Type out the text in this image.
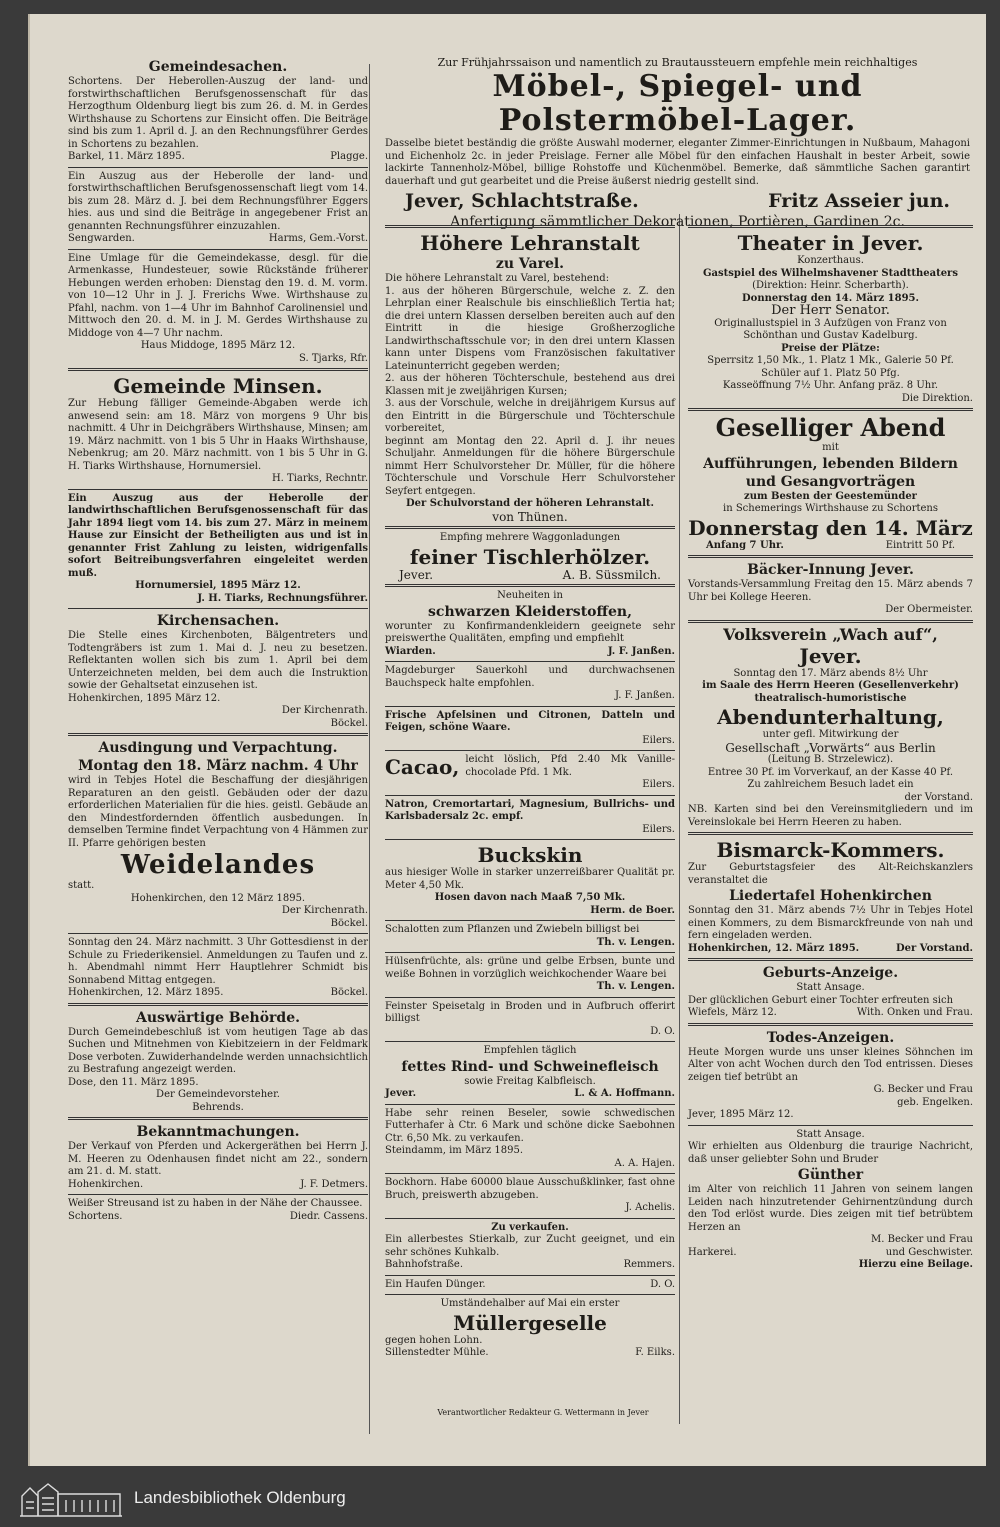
Gemeindesachen.

Schortens. Der Heberollen-Auszug der land- und forstwirthschaftlichen Berufsgenossenschaft für das Herzogthum Oldenburg liegt bis zum 26. d. M. in Gerdes Wirthshause zu Schortens zur Einsicht offen. Die Beiträge sind bis zum 1. April d. J. an den Rechnungsführer Gerdes in Schortens zu bezahlen.

Barkel, 11. März 1895.	Plagge.

Ein Auszug aus der Heberolle der land- und forstwirthschaftlichen Berufsgenossenschaft liegt vom 14. bis zum 28. März d. J. bei dem Rechnungsführer Eggers hies. aus und sind die Beiträge in angegebener Frist an genannten Rechnungsführer einzuzahlen.

Sengwarden.	Harms, Gem.-Vorst.

Eine Umlage für die Gemeindekasse, desgl. für die Armenkasse, Hundesteuer, sowie Rückstände früherer Hebungen werden erhoben: Dienstag den 19. d. M. vorm. von 10—12 Uhr in J. J. Frerichs Wwe. Wirthshause zu Pfahl, nachm. von 1—4 Uhr im Bahnhof Carolinensiel und Mittwoch den 20. d. M. in J. M. Gerdes Wirthshause zu Middoge von 4—7 Uhr nachm.

Haus Middoge, 1895 März 12.

S. Tjarks, Rfr.

Gemeinde Minsen.

Zur Hebung fälliger Gemeinde-Abgaben werde ich anwesend sein: am 18. März von morgens 9 Uhr bis nachmitt. 4 Uhr in Deichgräbers Wirthshause, Minsen; am 19. März nachmitt. von 1 bis 5 Uhr in Haaks Wirthshause, Nebenkrug; am 20. März nachmitt. von 1 bis 5 Uhr in G. H. Tiarks Wirthshause, Hornumersiel.

H. Tiarks, Rechntr.

Ein Auszug aus der Heberolle der landwirthschaftlichen Berufsgenossenschaft für das Jahr 1894 liegt vom 14. bis zum 27. März in meinem Hause zur Einsicht der Betheiligten aus und ist in genannter Frist Zahlung zu leisten, widrigenfalls sofort Beitreibungsverfahren eingeleitet werden muß.

Hornumersiel, 1895 März 12.

J. H. Tiarks, Rechnungsführer.

Kirchensachen.

Die Stelle eines Kirchenboten, Bälgentreters und Todtengräbers ist zum 1. Mai d. J. neu zu besetzen. Reflektanten wollen sich bis zum 1. April bei dem Unterzeichneten melden, bei dem auch die Instruktion sowie der Gehaltsetat einzusehen ist.

Hohenkirchen, 1895 März 12.

Der Kirchenrath.

Böckel.

Ausdingung und Verpachtung.

Montag den 18. März nachm. 4 Uhr

wird in Tebjes Hotel die Beschaffung der diesjährigen Reparaturen an den geistl. Gebäuden oder der dazu erforderlichen Materialien für die hies. geistl. Gebäude an den Mindestfordernden öffentlich ausbedungen. In demselben Termine findet Verpachtung von 4 Hämmen zur II. Pfarre gehörigen besten

Weidelandes

statt.

Hohenkirchen, den 12 März 1895.

Der Kirchenrath.

Böckel.

Sonntag den 24. März nachmitt. 3 Uhr Gottesdienst in der Schule zu Friederikensiel. Anmeldungen zu Taufen und z. h. Abendmahl nimmt Herr Hauptlehrer Schmidt bis Sonnabend Mittag entgegen.

Hohenkirchen, 12. März 1895.	Böckel.

Auswärtige Behörde.

Durch Gemeindebeschluß ist vom heutigen Tage ab das Suchen und Mitnehmen von Kiebitzeiern in der Feldmark Dose verboten. Zuwiderhandelnde werden unnachsichtlich zu Bestrafung angezeigt werden.

Dose, den 11. März 1895.

Der Gemeindevorsteher.

Behrends.

Bekanntmachungen.

Der Verkauf von Pferden und Ackergeräthen bei Herrn J. M. Heeren zu Odenhausen findet nicht am 22., sondern am 21. d. M. statt.

Hohenkirchen.	J. F. Detmers.

Weißer Streusand ist zu haben in der Nähe der Chaussee.

Schortens.	Diedr. Cassens.

Zur Frühjahrssaison und namentlich zu Brautaussteuern empfehle mein reichhaltiges

Möbel-, Spiegel- und Polstermöbel-Lager.

Dasselbe bietet beständig die größte Auswahl moderner, eleganter Zimmer-Einrichtungen in Nußbaum, Mahagoni und Eichenholz 2c. in jeder Preislage. Ferner alle Möbel für den einfachen Haushalt in bester Arbeit, sowie lackirte Tannenholz-Möbel, billige Rohstoffe und Küchenmöbel. Bemerke, daß sämmtliche Sachen garantirt dauerhaft und gut gearbeitet und die Preise äußerst niedrig gestellt sind.

Jever, Schlachtstraße.	Fritz Asseier jun.

Anfertigung sämmtlicher Dekorationen, Portièren, Gardinen 2c.

Höhere Lehranstalt

zu Varel.

Die höhere Lehranstalt zu Varel, bestehend:

1. aus der höheren Bürgerschule, welche z. Z. den Lehrplan einer Realschule bis einschließlich Tertia hat; die drei untern Klassen derselben bereiten auch auf den Eintritt in die hiesige Großherzogliche Landwirthschaftsschule vor; in den drei untern Klassen kann unter Dispens vom Französischen fakultativer Lateinunterricht gegeben werden;

2. aus der höheren Töchterschule, bestehend aus drei Klassen mit je zweijährigen Kursen;

3. aus der Vorschule, welche in dreijährigem Kursus auf den Eintritt in die Bürgerschule und Töchterschule vorbereitet,

beginnt am Montag den 22. April d. J. ihr neues Schuljahr. Anmeldungen für die höhere Bürgerschule nimmt Herr Schulvorsteher Dr. Müller, für die höhere Töchterschule und Vorschule Herr Schulvorsteher Seyfert entgegen.

Der Schulvorstand der höheren Lehranstalt.

von Thünen.

Empfing mehrere Waggonladungen

feiner Tischlerhölzer.

Jever.	A. B. Süssmilch.

Neuheiten in

schwarzen Kleiderstoffen,

worunter zu Konfirmandenkleidern geeignete sehr preiswerthe Qualitäten, empfing und empfiehlt

Wiarden.	J. F. Janßen.

Magdeburger Sauerkohl und durchwachsenen Bauchspeck halte empfohlen.

J. F. Janßen.

Frische Apfelsinen und Citronen, Datteln und Feigen, schöne Waare.

Eilers.

Cacao, leicht löslich, Pfd 2.40 Mk Vanille-chocolade Pfd. 1 Mk.

Eilers.

Natron, Cremortartari, Magnesium, Bullrichs- und Karlsbadersalz 2c. empf.

Eilers.

Buckskin

aus hiesiger Wolle in starker unzerreißbarer Qualität pr. Meter 4,50 Mk.

Hosen davon nach Maaß 7,50 Mk.

Herm. de Boer.

Schalotten zum Pflanzen und Zwiebeln billigst bei

Th. v. Lengen.

Hülsenfrüchte, als: grüne und gelbe Erbsen, bunte und weiße Bohnen in vorzüglich weichkochender Waare bei

Th. v. Lengen.

Feinster Speisetalg in Broden und in Aufbruch offerirt billigst

D. O.

Empfehlen täglich

fettes Rind- und Schweinefleisch

sowie Freitag Kalbfleisch.

Jever.	L. & A. Hoffmann.

Habe sehr reinen Beseler, sowie schwedischen Futterhafer à Ctr. 6 Mark und schöne dicke Saebohnen Ctr. 6,50 Mk. zu verkaufen.

Steindamm, im März 1895.

A. A. Hajen.

Bockhorn. Habe 60000 blaue Ausschußklinker, fast ohne Bruch, preiswerth abzugeben.

J. Achelis.

Zu verkaufen.

Ein allerbestes Stierkalb, zur Zucht geeignet, und ein sehr schönes Kuhkalb.

Bahnhofstraße.	Remmers.
Ein Haufen Dünger.	D. O.

Umständehalber auf Mai ein erster

Müllergeselle

gegen hohen Lohn.

Sillenstedter Mühle.	F. Eilks.

Verantwortlicher Redakteur G. Wettermann in Jever

Theater in Jever.

Konzerthaus.

Gastspiel des Wilhelmshavener Stadttheaters

(Direktion: Heinr. Scherbarth).

Donnerstag den 14. März 1895.

Der Herr Senator.

Originallustspiel in 3 Aufzügen von Franz von Schönthan und Gustav Kadelburg.

Preise der Plätze:

Sperrsitz 1,50 Mk., 1. Platz 1 Mk., Galerie 50 Pf.

Schüler auf 1. Platz 50 Pfg.

Kasseöffnung 7½ Uhr. Anfang präz. 8 Uhr.

Die Direktion.

Geselliger Abend

mit

Aufführungen, lebenden Bildern und Gesangvorträgen

zum Besten der Geestemünder

in Schemerings Wirthshause zu Schortens

Donnerstag den 14. März

Anfang 7 Uhr.	Eintritt 50 Pf.

Bäcker-Innung Jever.

Vorstands-Versammlung Freitag den 15. März abends 7 Uhr bei Kollege Heeren.

Der Obermeister.

Volksverein „Wach auf“,

Jever.

Sonntag den 17. März abends 8½ Uhr

im Saale des Herrn Heeren (Gesellenverkehr)

theatralisch-humoristische

Abendunterhaltung,

unter gefl. Mitwirkung der

Gesellschaft „Vorwärts“ aus Berlin

(Leitung B. Strzelewicz).

Entree 30 Pf. im Vorverkauf, an der Kasse 40 Pf.

Zu zahlreichem Besuch ladet ein

der Vorstand.

NB. Karten sind bei den Vereinsmitgliedern und im Vereinslokale bei Herrn Heeren zu haben.

Bismarck-Kommers.

Zur Geburtstagsfeier des Alt-Reichskanzlers veranstaltet die

Liedertafel Hohenkirchen

Sonntag den 31. März abends 7½ Uhr in Tebjes Hotel einen Kommers, zu dem Bismarckfreunde von nah und fern eingeladen werden.

Hohenkirchen, 12. März 1895.	Der Vorstand.

Geburts-Anzeige.

Statt Ansage.

Der glücklichen Geburt einer Tochter erfreuten sich

Wiefels, März 12.	With. Onken und Frau.

Todes-Anzeigen.

Heute Morgen wurde uns unser kleines Söhnchen im Alter von acht Wochen durch den Tod entrissen. Dieses zeigen tief betrübt an

G. Becker und Frau

geb. Engelken.

Jever, 1895 März 12.

Statt Ansage.

Wir erhielten aus Oldenburg die traurige Nachricht, daß unser geliebter Sohn und Bruder

Günther

im Alter von reichlich 11 Jahren von seinem langen Leiden nach hinzutretender Gehirnentzündung durch den Tod erlöst wurde. Dies zeigen mit tief betrübtem Herzen an

M. Becker und Frau

Harkerei.	und Geschwister.

Hierzu eine Beilage.

Landesbibliothek Oldenburg
